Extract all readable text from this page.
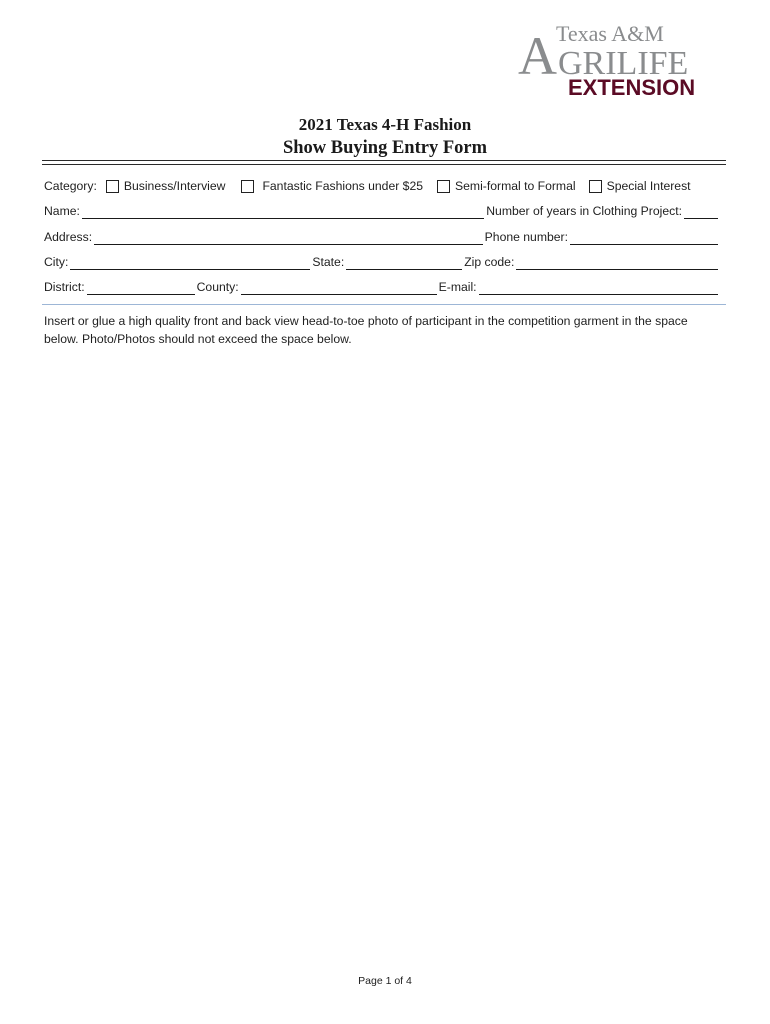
Texas A&M
A GRILIFE
EXTENSION
2021 Texas 4-H Fashion
Show Buying Entry Form
Category: Business/Interview	Fantastic Fashions under $25	Semi-formal to Formal	Special Interest
Name:	Number of years in Clothing Project:
Address:	Phone number:
City:	State:	Zip code:
District:	County:	E-mail:
Insert or glue a high quality front and back view head-to-toe photo of participant in the competition garment in the space below. Photo/Photos should not exceed the space below.
Page 1 of 4
